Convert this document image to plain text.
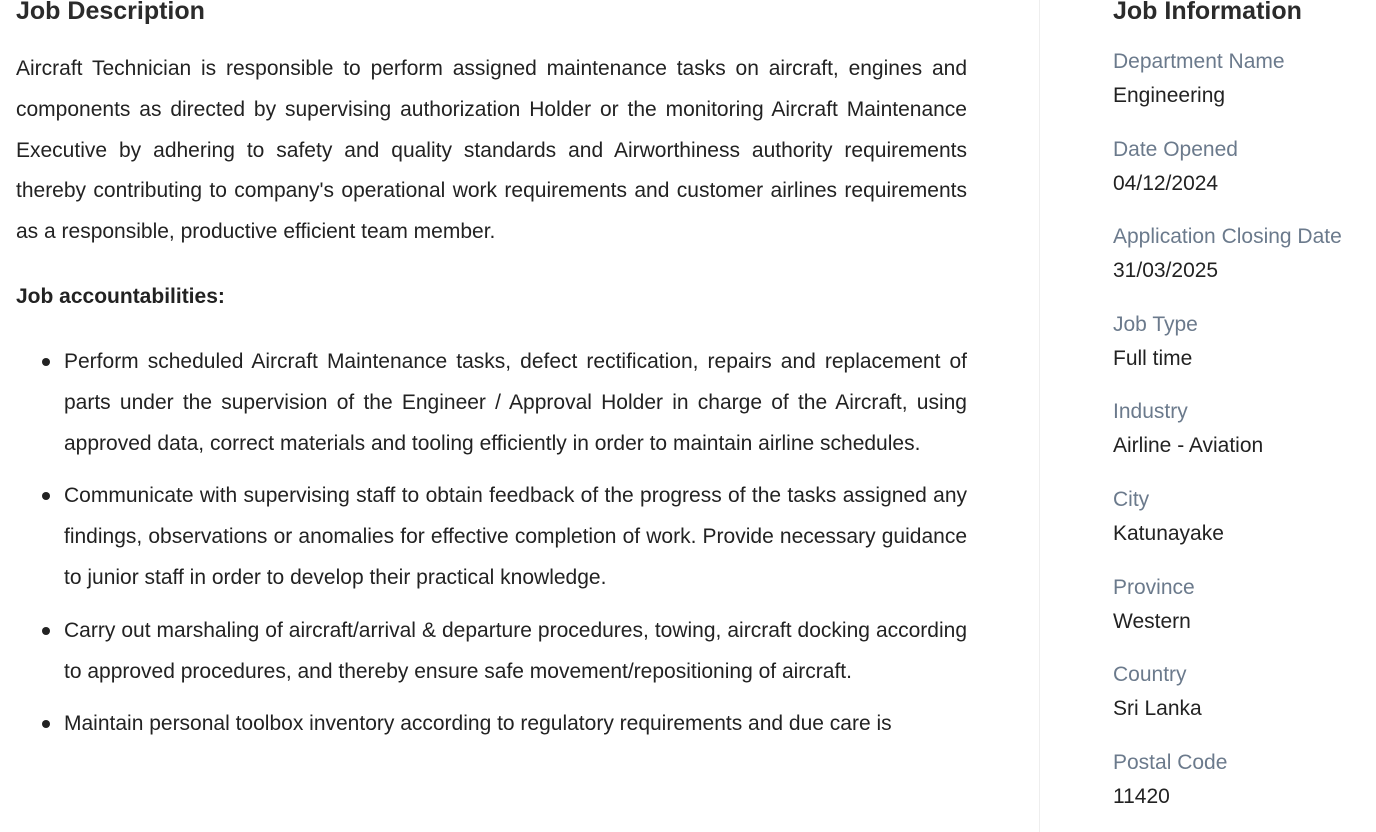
Job Description

Aircraft Technician is responsible to perform assigned maintenance tasks on aircraft, engines and components as directed by supervising authorization Holder or the monitoring Aircraft Maintenance Executive by adhering to safety and quality standards and Airworthiness authority requirements thereby contributing to company's operational work requirements and customer airlines requirements as a responsible, productive efficient team member.

Job accountabilities:

Perform scheduled Aircraft Maintenance tasks, defect rectification, repairs and replacement of parts under the supervision of the Engineer / Approval Holder in charge of the Aircraft, using approved data, correct materials and tooling efficiently in order to maintain airline schedules.
Communicate with supervising staff to obtain feedback of the progress of the tasks assigned any findings, observations or anomalies for effective completion of work. Provide necessary guidance to junior staff in order to develop their practical knowledge.
Carry out marshaling of aircraft/arrival & departure procedures, towing, aircraft docking according to approved procedures, and thereby ensure safe movement/repositioning of aircraft.
Maintain personal toolbox inventory according to regulatory requirements and due care is
Job Information
Department Name
Engineering
Date Opened
04/12/2024
Application Closing Date
31/03/2025
Job Type
Full time
Industry
Airline - Aviation
City
Katunayake
Province
Western
Country
Sri Lanka
Postal Code
11420
